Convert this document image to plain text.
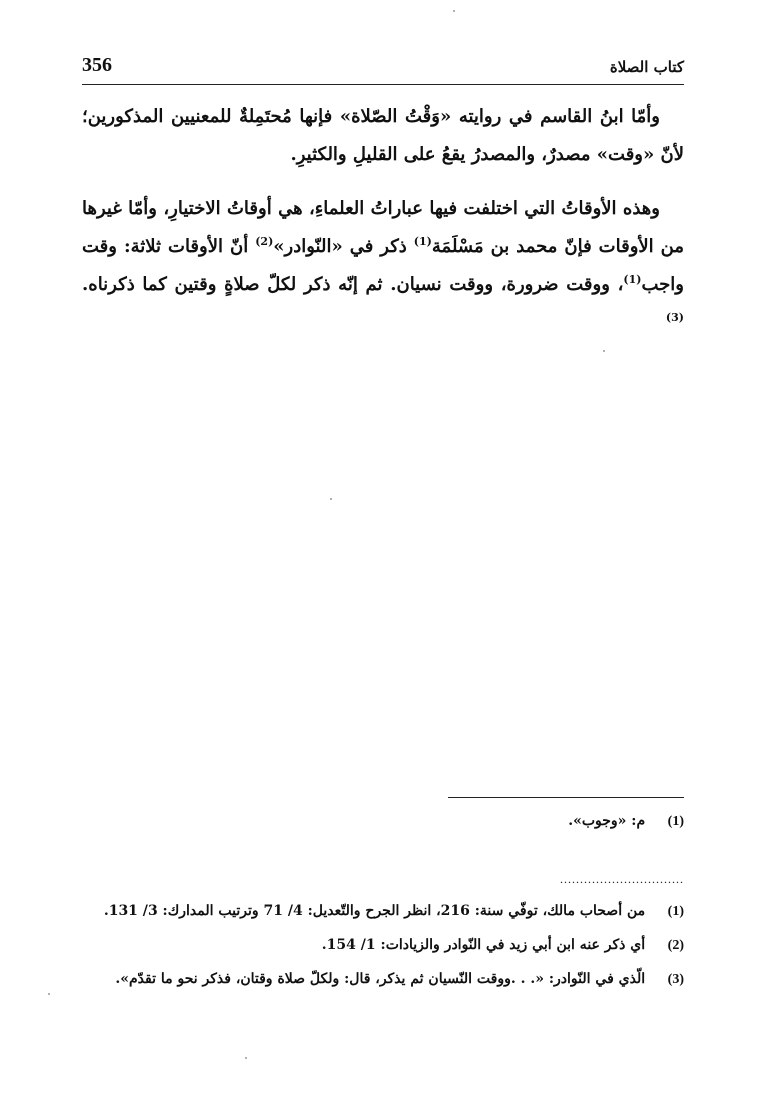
356	كتاب الصلاة

وأمّا ابنُ القاسم في روايته «وَقْتُ الصّلاة» فإنها مُحتَمِلةٌ للمعنيين المذكورين؛ لأنّ «وقت» مصدرٌ، والمصدرُ يقعُ على القليلِ والكثيرِ.

وهذه الأوقاتُ التي اختلفت فيها عباراتُ العلماءِ، هي أوقاتُ الاختيارِ، وأمّا غيرها من الأوقات فإنّ محمد بن مَسْلَمَة$^{(1)}$ ذكر في «النّوادر»$^{(2)}$ أنّ الأوقات ثلاثة: وقت واجب$^{(1)}$، ووقت ضرورة، ووقت نسيان. ثم إنّه ذكر لكلّ صلاةٍ وقتين كما ذكرناه.$^{(3)}$

(1) م: «وجوب».
...............................
(1) من أصحاب مالك، توفّي سنة: 216، انظر الجرح والتّعديل: 4/ 71 وترتيب المدارك: 3/ 131.
(2) أي ذكر عنه ابن أبي زيد في النّوادر والزيادات: 1/ 154.
(3) الّذي في النّوادر: «. . .ووقت النّسيان ثم يذكر، قال: ولكلّ صلاة وقتان، فذكر نحو ما تقدّم».
